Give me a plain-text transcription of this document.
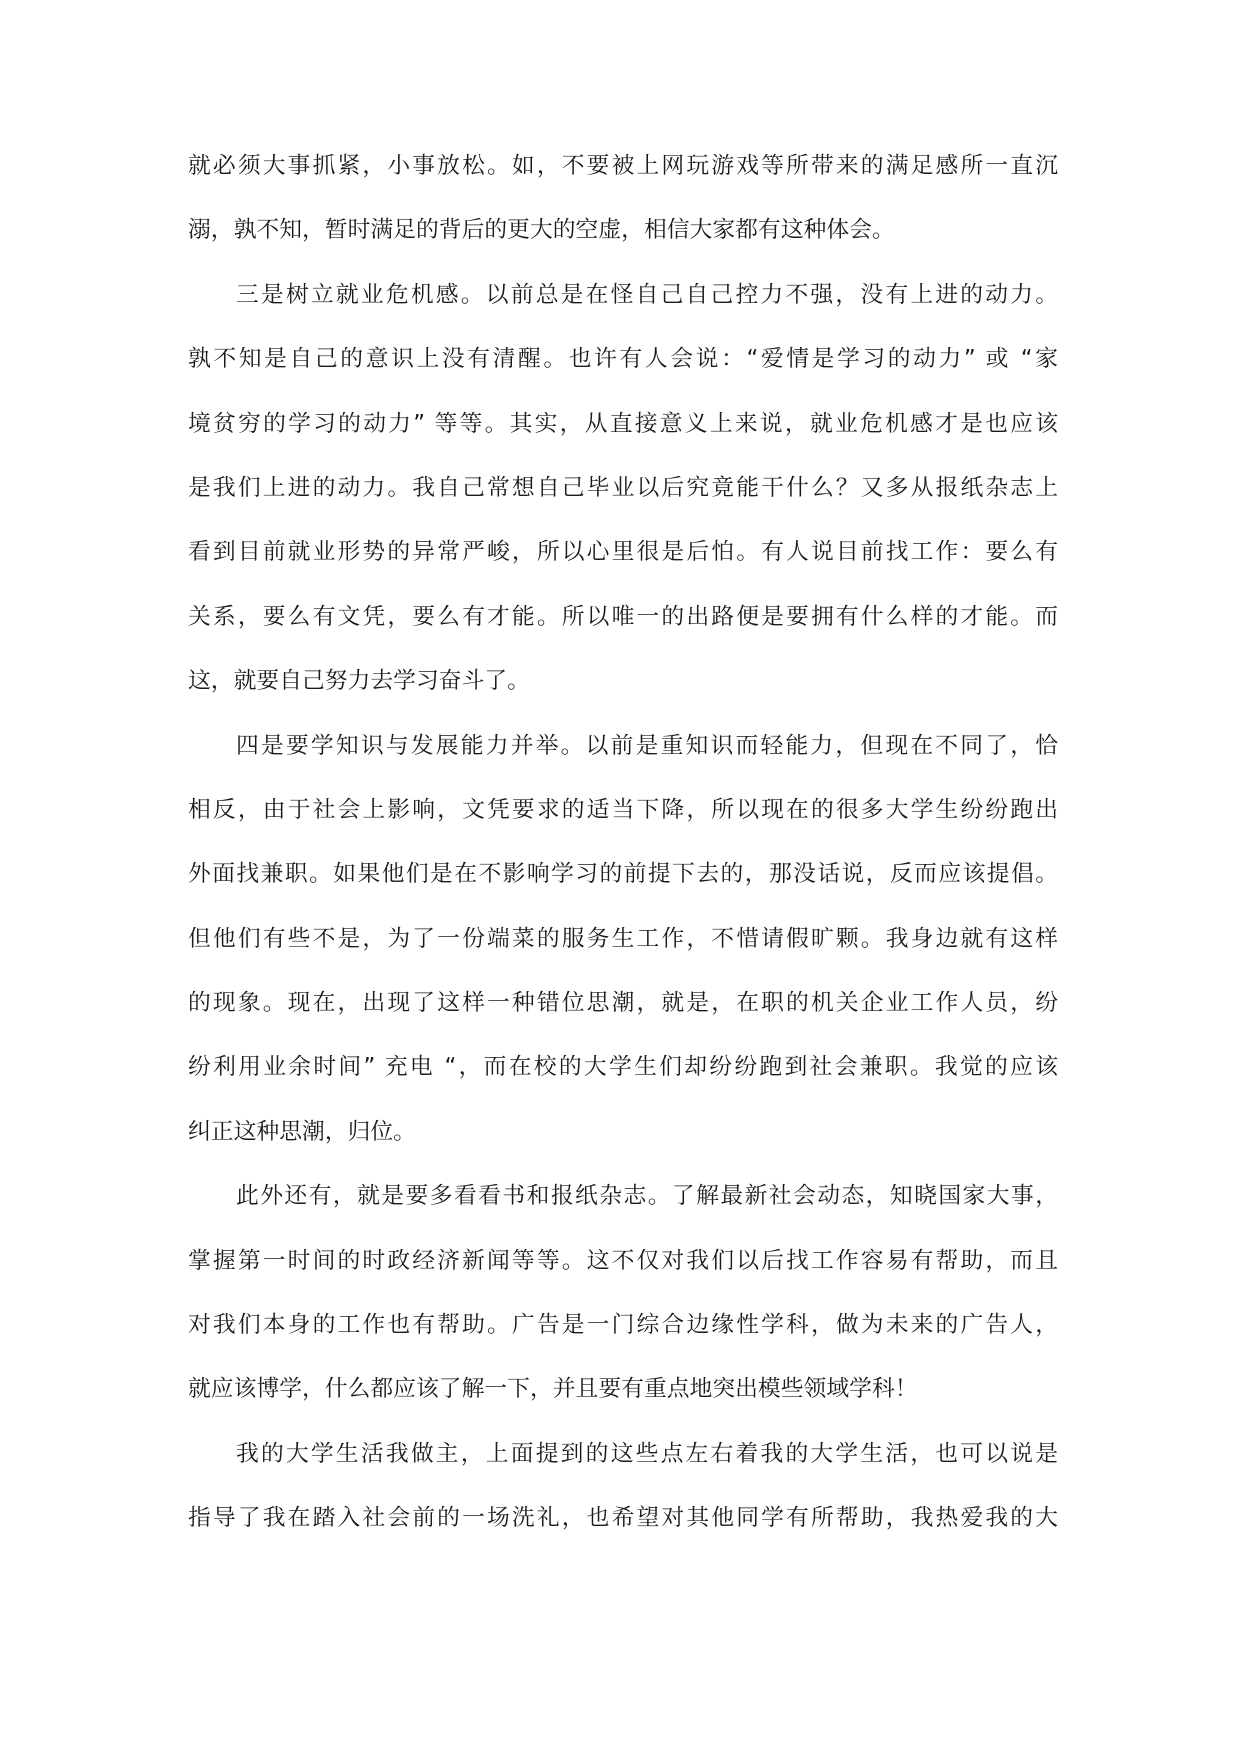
就必须大事抓紧，小事放松。如，不要被上网玩游戏等所带来的满足感所一直沉
溺，孰不知，暂时满足的背后的更大的空虚，相信大家都有这种体会。
三是树立就业危机感。以前总是在怪自己自己控力不强，没有上进的动力。
孰不知是自己的意识上没有清醒。也许有人会说：“爱情是学习的动力” 或 “家
境贫穷的学习的动力” 等等。其实，从直接意义上来说，就业危机感才是也应该
是我们上进的动力。我自己常想自己毕业以后究竟能干什么？又多从报纸杂志上
看到目前就业形势的异常严峻，所以心里很是后怕。有人说目前找工作：要么有
关系，要么有文凭，要么有才能。所以唯一的出路便是要拥有什么样的才能。而
这，就要自己努力去学习奋斗了。
四是要学知识与发展能力并举。以前是重知识而轻能力，但现在不同了，恰
相反，由于社会上影响，文凭要求的适当下降，所以现在的很多大学生纷纷跑出
外面找兼职。如果他们是在不影响学习的前提下去的，那没话说，反而应该提倡。
但他们有些不是，为了一份端菜的服务生工作，不惜请假旷颗。我身边就有这样
的现象。现在，出现了这样一种错位思潮，就是，在职的机关企业工作人员，纷
纷利用业余时间” 充电 “，而在校的大学生们却纷纷跑到社会兼职。我觉的应该
纠正这种思潮，归位。
此外还有，就是要多看看书和报纸杂志。了解最新社会动态，知晓国家大事，
掌握第一时间的时政经济新闻等等。这不仅对我们以后找工作容易有帮助，而且
对我们本身的工作也有帮助。广告是一门综合边缘性学科，做为未来的广告人，
就应该博学，什么都应该了解一下，并且要有重点地突出模些领域学科！
我的大学生活我做主，上面提到的这些点左右着我的大学生活，也可以说是
指导了我在踏入社会前的一场洗礼，也希望对其他同学有所帮助，我热爱我的大
